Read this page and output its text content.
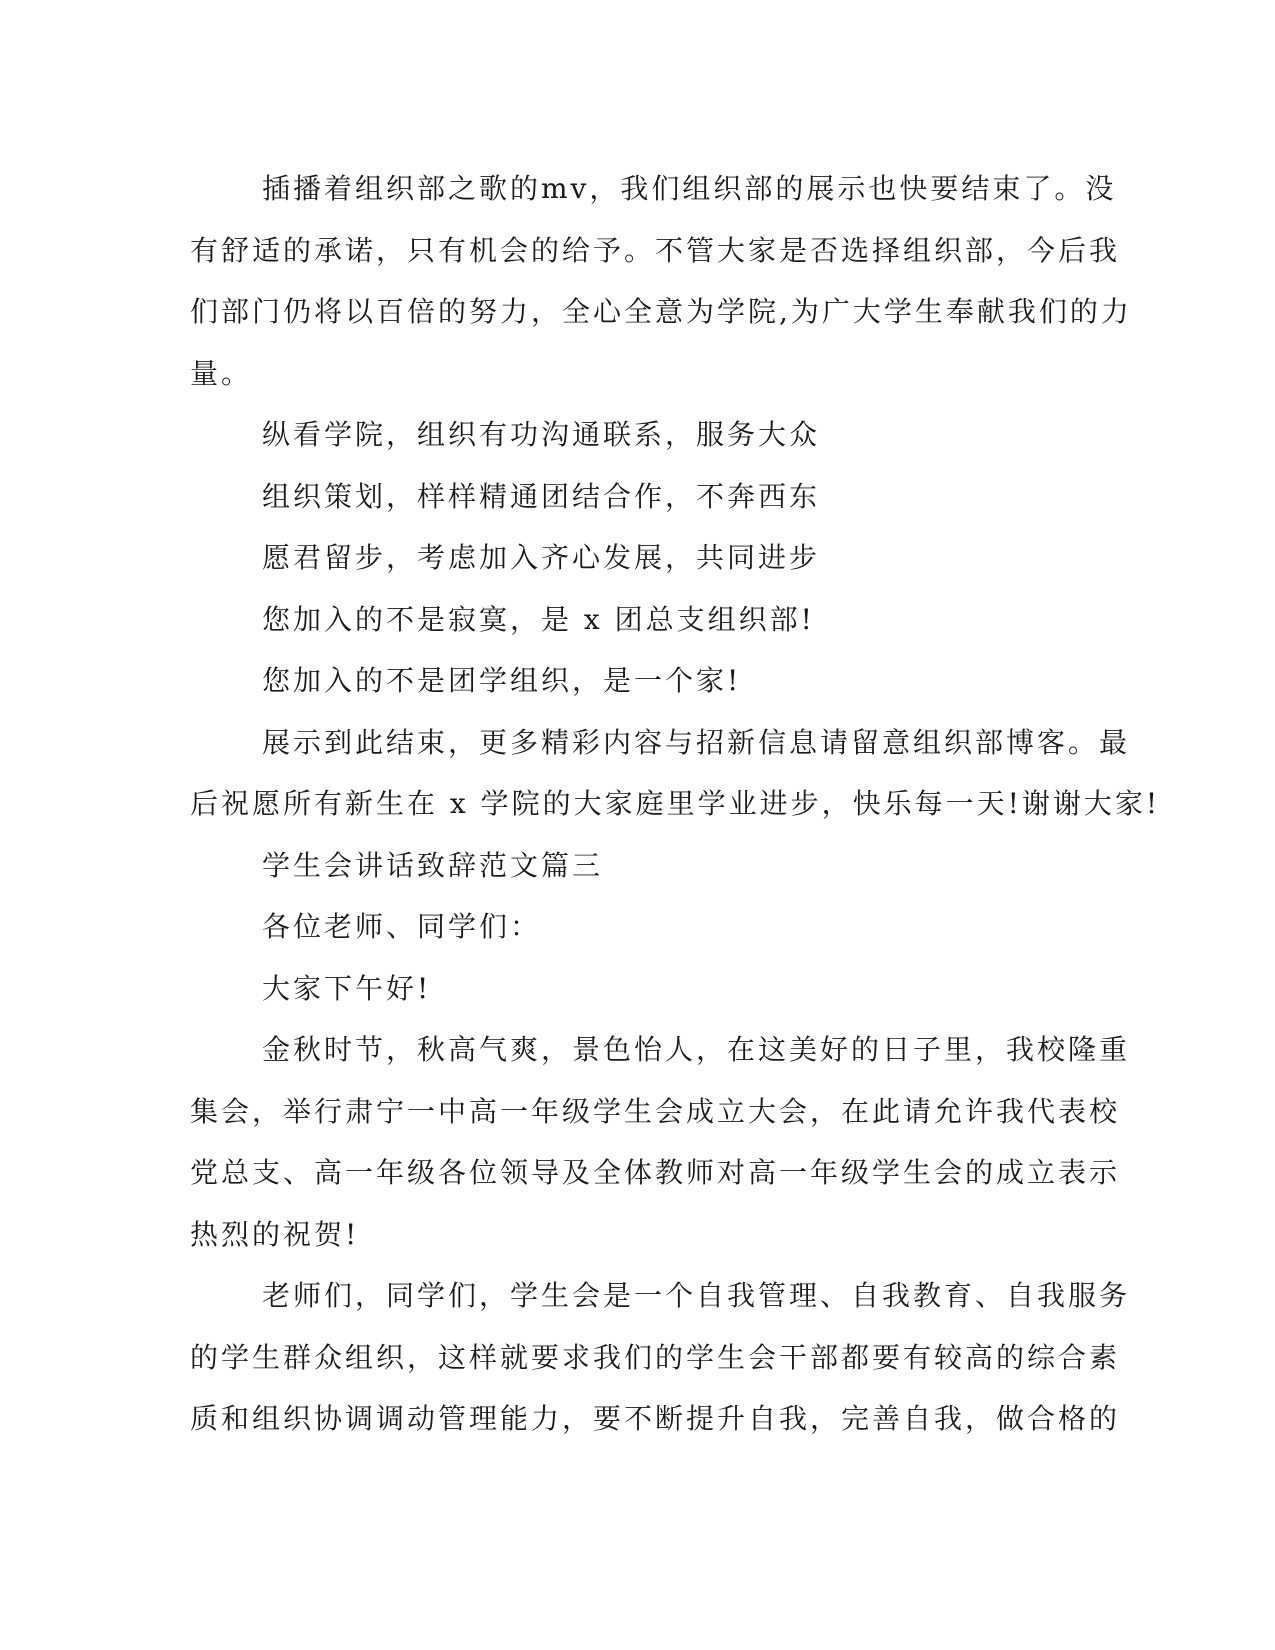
插播着组织部之歌的mv，我们组织部的展示也快要结束了。没
有舒适的承诺，只有机会的给予。不管大家是否选择组织部，今后我
们部门仍将以百倍的努力，全心全意为学院,为广大学生奉献我们的力
量。
纵看学院，组织有功沟通联系，服务大众
组织策划，样样精通团结合作，不奔西东
愿君留步，考虑加入齐心发展，共同进步
您加入的不是寂寞，是 x 团总支组织部!
您加入的不是团学组织，是一个家!
展示到此结束，更多精彩内容与招新信息请留意组织部博客。最
后祝愿所有新生在 x 学院的大家庭里学业进步，快乐每一天!谢谢大家!
学生会讲话致辞范文篇三
各位老师、同学们：
大家下午好!
金秋时节，秋高气爽，景色怡人，在这美好的日子里，我校隆重
集会，举行肃宁一中高一年级学生会成立大会，在此请允许我代表校
党总支、高一年级各位领导及全体教师对高一年级学生会的成立表示
热烈的祝贺!
老师们，同学们，学生会是一个自我管理、自我教育、自我服务
的学生群众组织，这样就要求我们的学生会干部都要有较高的综合素
质和组织协调调动管理能力，要不断提升自我，完善自我，做合格的
